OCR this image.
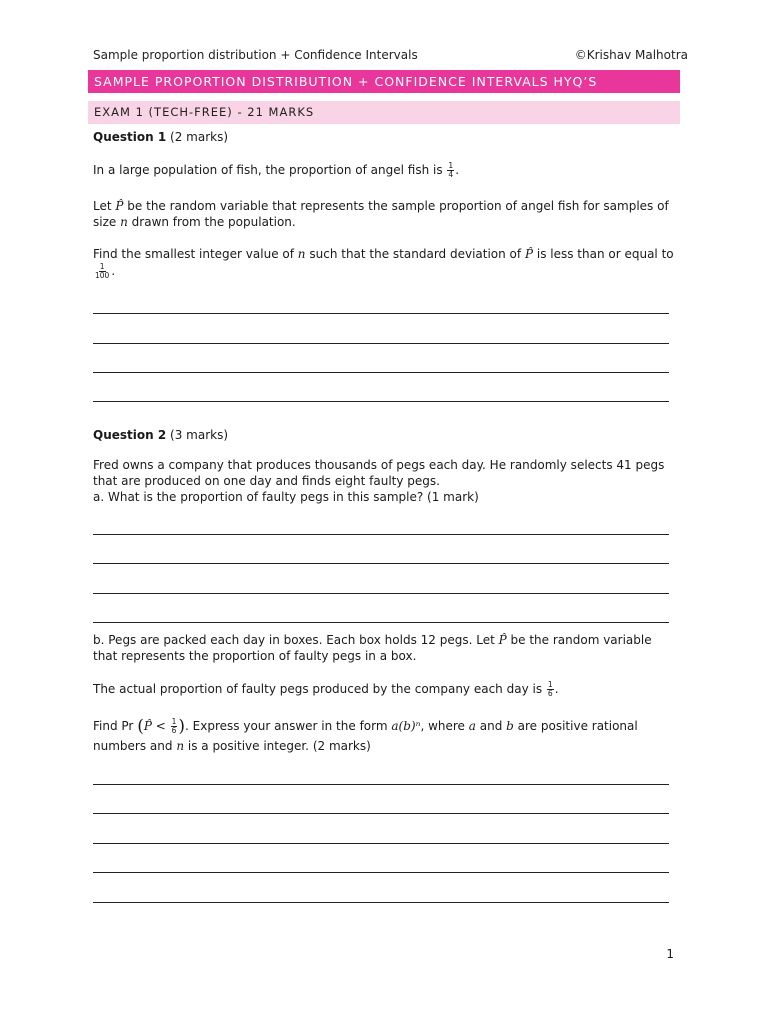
Sample proportion distribution + Confidence Intervals	©Krishav Malhotra
SAMPLE PROPORTION DISTRIBUTION + CONFIDENCE INTERVALS HYQ’S
EXAM 1 (TECH-FREE) - 21 MARKS
Question 1 (2 marks)
In a large population of fish, the proportion of angel fish is $\frac{1}{4}$ .
Let P̂ be the random variable that represents the sample proportion of angel fish for samples of size n drawn from the population.
Find the smallest integer value of n such that the standard deviation of P̂ is less than or equal to
$\frac{1}{100}$ .
Question 2 (3 marks)
Fred owns a company that produces thousands of pegs each day. He randomly selects 41 pegs that are produced on one day and finds eight faulty pegs.
a. What is the proportion of faulty pegs in this sample? (1 mark)
b. Pegs are packed each day in boxes. Each box holds 12 pegs. Let P̂ be the random variable that represents the proportion of faulty pegs in a box.
The actual proportion of faulty pegs produced by the company each day is $\frac{1}{6}$ .
Find Pr (P̂ < $\frac{1}{6}$ ). Express your answer in the form a(b)ⁿ, where a and b are positive rational numbers and n is a positive integer. (2 marks)
1
